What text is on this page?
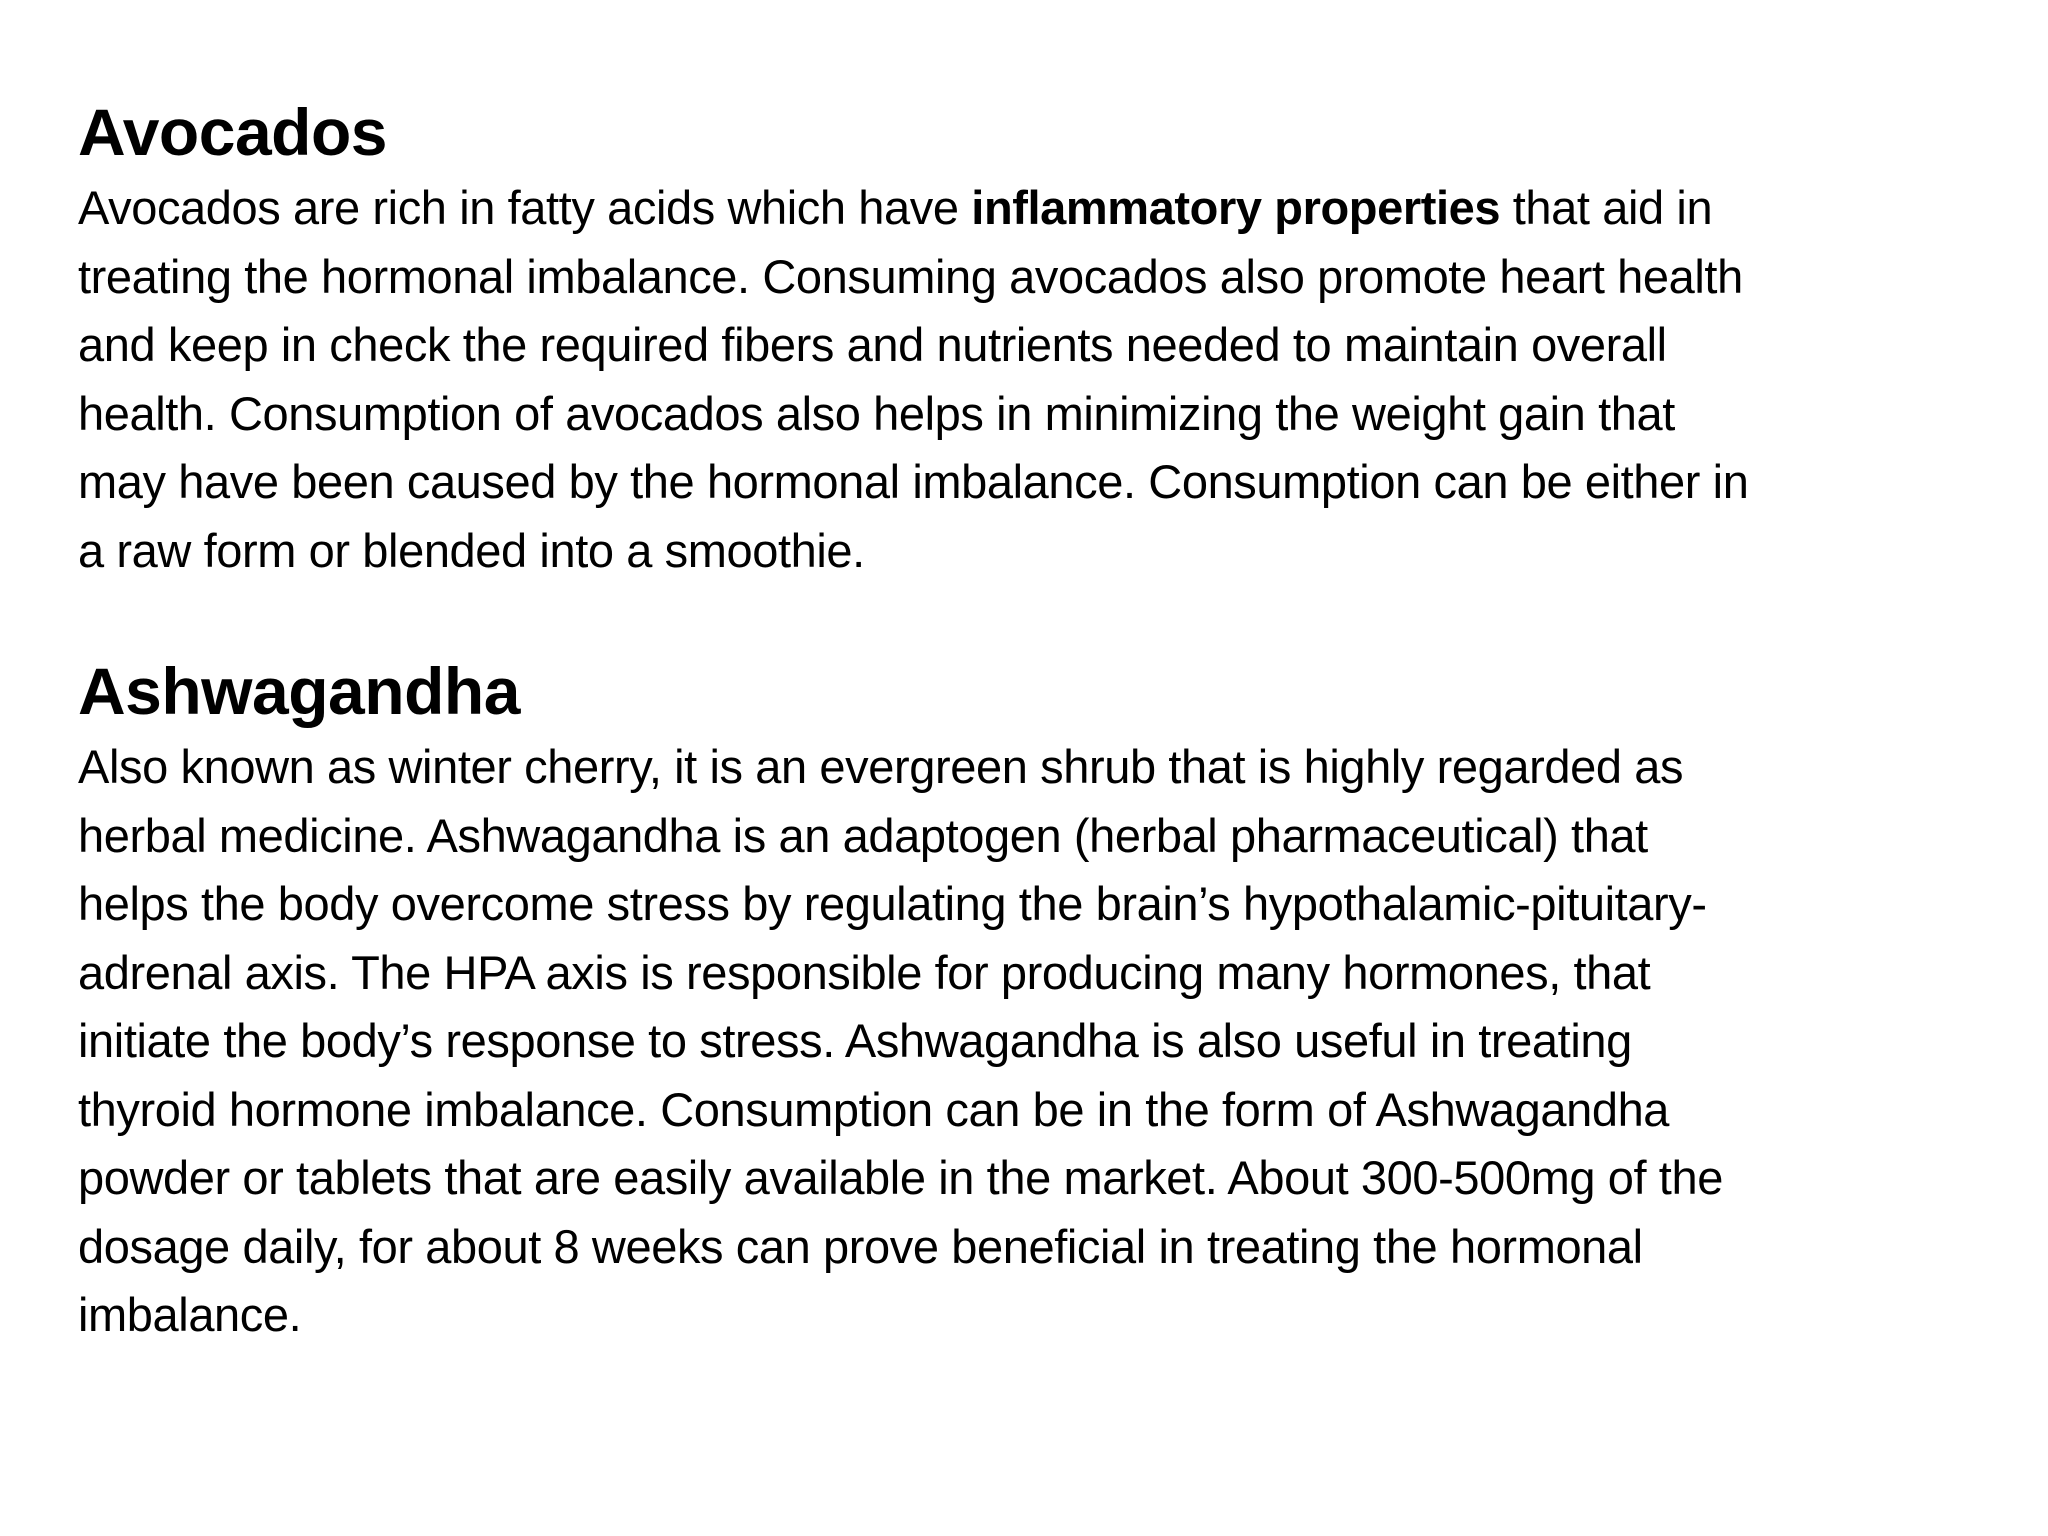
Avocados

Avocados are rich in fatty acids which have inflammatory properties that aid in
treating the hormonal imbalance. Consuming avocados also promote heart health
and keep in check the required fibers and nutrients needed to maintain overall
health. Consumption of avocados also helps in minimizing the weight gain that
may have been caused by the hormonal imbalance. Consumption can be either in
a raw form or blended into a smoothie.

Ashwagandha

Also known as winter cherry, it is an evergreen shrub that is highly regarded as
herbal medicine. Ashwagandha is an adaptogen (herbal pharmaceutical) that
helps the body overcome stress by regulating the brain’s hypothalamic-pituitary-
adrenal axis. The HPA axis is responsible for producing many hormones, that
initiate the body’s response to stress. Ashwagandha is also useful in treating
thyroid hormone imbalance. Consumption can be in the form of Ashwagandha
powder or tablets that are easily available in the market. About 300-500mg of the
dosage daily, for about 8 weeks can prove beneficial in treating the hormonal
imbalance.
